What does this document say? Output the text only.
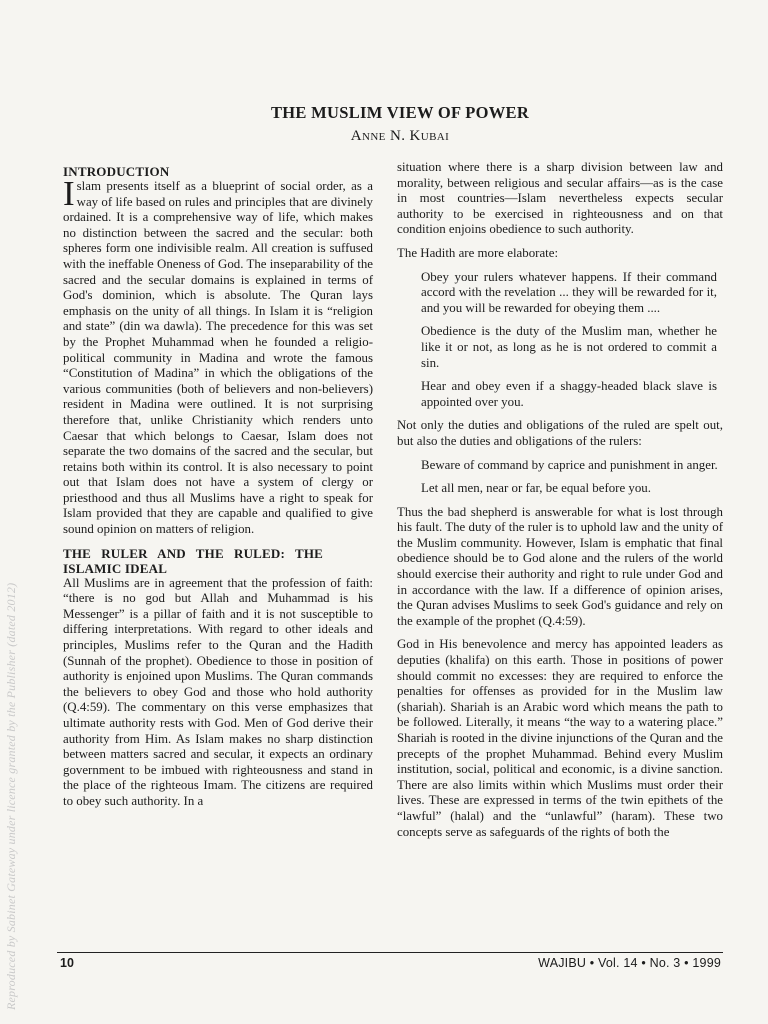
Reproduced by Sabinet Gateway under licence granted by the Publisher (dated 2012)
THE MUSLIM VIEW OF POWER
Anne N. Kubai
INTRODUCTION

Islam presents itself as a blueprint of social order, as a way of life based on rules and principles that are divinely ordained. It is a comprehensive way of life, which makes no distinction between the sacred and the secular: both spheres form one indivisible realm. All creation is suffused with the ineffable Oneness of God. The inseparability of the sacred and the secular domains is explained in terms of God's dominion, which is absolute. The Quran lays emphasis on the unity of all things. In Islam it is “religion and state” (din wa dawla). The precedence for this was set by the Prophet Muhammad when he founded a religio-political community in Madina and wrote the famous “Constitution of Madina” in which the obligations of the various communities (both of believers and non-believers) resident in Madina were outlined. It is not surprising therefore that, unlike Christianity which renders unto Caesar that which belongs to Caesar, Islam does not separate the two domains of the sacred and the secular, but retains both within its control. It is also necessary to point out that Islam does not have a system of clergy or priesthood and thus all Muslims have a right to speak for Islam provided that they are capable and qualified to give sound opinion on matters of religion.

THE RULER AND THE RULED: THE ISLAMIC IDEAL

All Muslims are in agreement that the profession of faith: “there is no god but Allah and Muhammad is his Messenger” is a pillar of faith and it is not susceptible to differing interpretations. With regard to other ideals and principles, Muslims refer to the Quran and the Hadith (Sunnah of the prophet). Obedience to those in position of authority is enjoined upon Muslims. The Quran commands the believers to obey God and those who hold authority (Q.4:59). The commentary on this verse emphasizes that ultimate authority rests with God. Men of God derive their authority from Him. As Islam makes no sharp distinction between matters sacred and secular, it expects an ordinary government to be imbued with righteousness and stand in the place of the righteous Imam. The citizens are required to obey such authority. In a

situation where there is a sharp division between law and morality, between religious and secular affairs—as is the case in most countries—Islam nevertheless expects secular authority to be exercised in righteousness and on that condition enjoins obedience to such authority.

The Hadith are more elaborate:

Obey your rulers whatever happens. If their command accord with the revelation ... they will be rewarded for it, and you will be rewarded for obeying them ....

Obedience is the duty of the Muslim man, whether he like it or not, as long as he is not ordered to commit a sin.

Hear and obey even if a shaggy-headed black slave is appointed over you.

Not only the duties and obligations of the ruled are spelt out, but also the duties and obligations of the rulers:

Beware of command by caprice and punishment in anger.

Let all men, near or far, be equal before you.

Thus the bad shepherd is answerable for what is lost through his fault. The duty of the ruler is to uphold law and the unity of the Muslim community. However, Islam is emphatic that final obedience should be to God alone and the rulers of the world should exercise their authority and right to rule under God and in accordance with the law. If a difference of opinion arises, the Quran advises Muslims to seek God's guidance and rely on the example of the prophet (Q.4:59).

God in His benevolence and mercy has appointed leaders as deputies (khalifa) on this earth. Those in positions of power should commit no excesses: they are required to enforce the penalties for offenses as provided for in the Muslim law (shariah). Shariah is an Arabic word which means the path to be followed. Literally, it means “the way to a watering place.” Shariah is rooted in the divine injunctions of the Quran and the precepts of the prophet Muhammad. Behind every Muslim institution, social, political and economic, is a divine sanction. There are also limits within which Muslims must order their lives. These are expressed in terms of the twin epithets of the “lawful” (halal) and the “unlawful” (haram). These two concepts serve as safeguards of the rights of both the

10	WAJIBU • Vol. 14 • No. 3 • 1999
